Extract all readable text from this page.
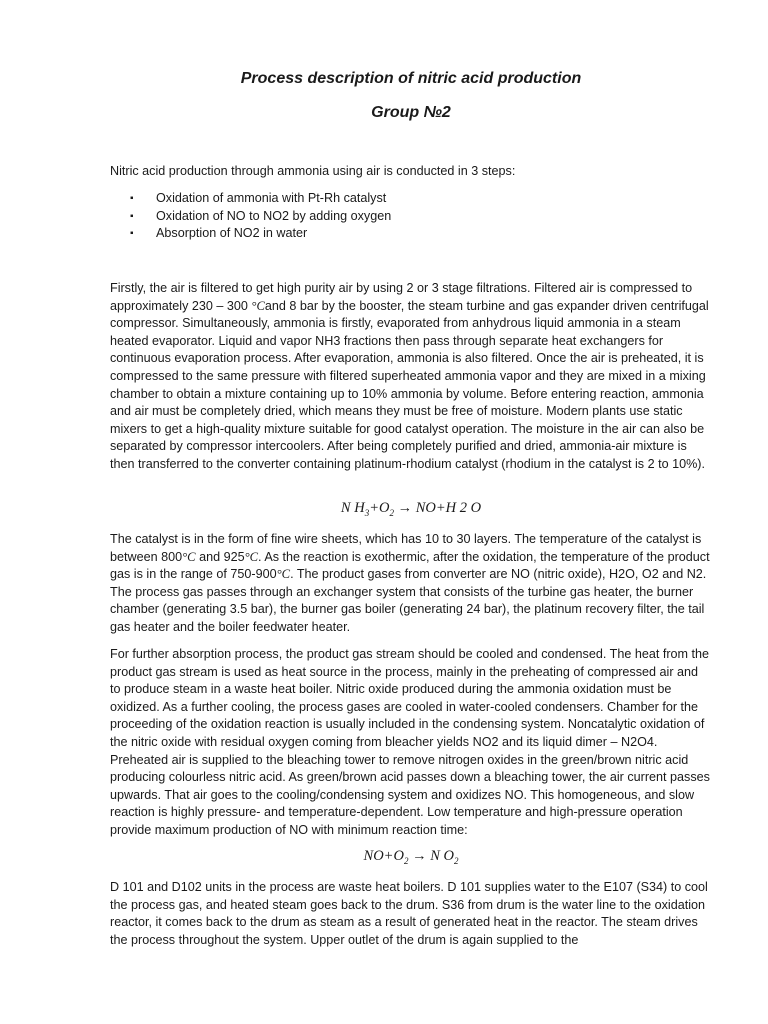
Process description of nitric acid production
Group №2

Nitric acid production through ammonia using air is conducted in 3 steps:

▪ Oxidation of ammonia with Pt-Rh catalyst
▪ Oxidation of NO to NO2 by adding oxygen
▪ Absorption of NO2 in water

Firstly, the air is filtered to get high purity air by using 2 or 3 stage filtrations. Filtered air is compressed to approximately 230 – 300 °Cand 8 bar by the booster, the steam turbine and gas expander driven centrifugal compressor. Simultaneously, ammonia is firstly, evaporated from anhydrous liquid ammonia in a steam heated evaporator. Liquid and vapor NH3 fractions then pass through separate heat exchangers for continuous evaporation process. After evaporation, ammonia is also filtered. Once the air is preheated, it is compressed to the same pressure with filtered superheated ammonia vapor and they are mixed in a mixing chamber to obtain a mixture containing up to 10% ammonia by volume. Before entering reaction, ammonia and air must be completely dried, which means they must be free of moisture. Modern plants use static mixers to get a high-quality mixture suitable for good catalyst operation. The moisture in the air can also be separated by compressor intercoolers. After being completely purified and dried, ammonia-air mixture is then transferred to the converter containing platinum-rhodium catalyst (rhodium in the catalyst is 2 to 10%).

N $H_3+O_2 \to NO+H$ 2 O

The catalyst is in the form of fine wire sheets, which has 10 to 30 layers. The temperature of the catalyst is between 800°C and 925°C. As the reaction is exothermic, after the oxidation, the temperature of the product gas is in the range of 750-900°C. The product gases from converter are NO (nitric oxide), H2O, O2 and N2. The process gas passes through an exchanger system that consists of the turbine gas heater, the burner chamber (generating 3.5 bar), the burner gas boiler (generating 24 bar), the platinum recovery filter, the tail gas heater and the boiler feedwater heater.

For further absorption process, the product gas stream should be cooled and condensed. The heat from the product gas stream is used as heat source in the process, mainly in the preheating of compressed air and to produce steam in a waste heat boiler. Nitric oxide produced during the ammonia oxidation must be oxidized. As a further cooling, the process gases are cooled in water-cooled condensers. Chamber for the proceeding of the oxidation reaction is usually included in the condensing system. Noncatalytic oxidation of the nitric oxide with residual oxygen coming from bleacher yields NO2 and its liquid dimer – N2O4. Preheated air is supplied to the bleaching tower to remove nitrogen oxides in the green/brown nitric acid producing colourless nitric acid. As green/brown acid passes down a bleaching tower, the air current passes upwards. That air goes to the cooling/condensing system and oxidizes NO. This homogeneous, and slow reaction is highly pressure- and temperature-dependent. Low temperature and high-pressure operation provide maximum production of NO with minimum reaction time:

$NO+O_2 \to N$ $O_2$

D 101 and D102 units in the process are waste heat boilers. D 101 supplies water to the E107 (S34) to cool the process gas, and heated steam goes back to the drum. S36 from drum is the water line to the oxidation reactor, it comes back to the drum as steam as a result of generated heat in the reactor. The steam drives the process throughout the system. Upper outlet of the drum is again supplied to the
